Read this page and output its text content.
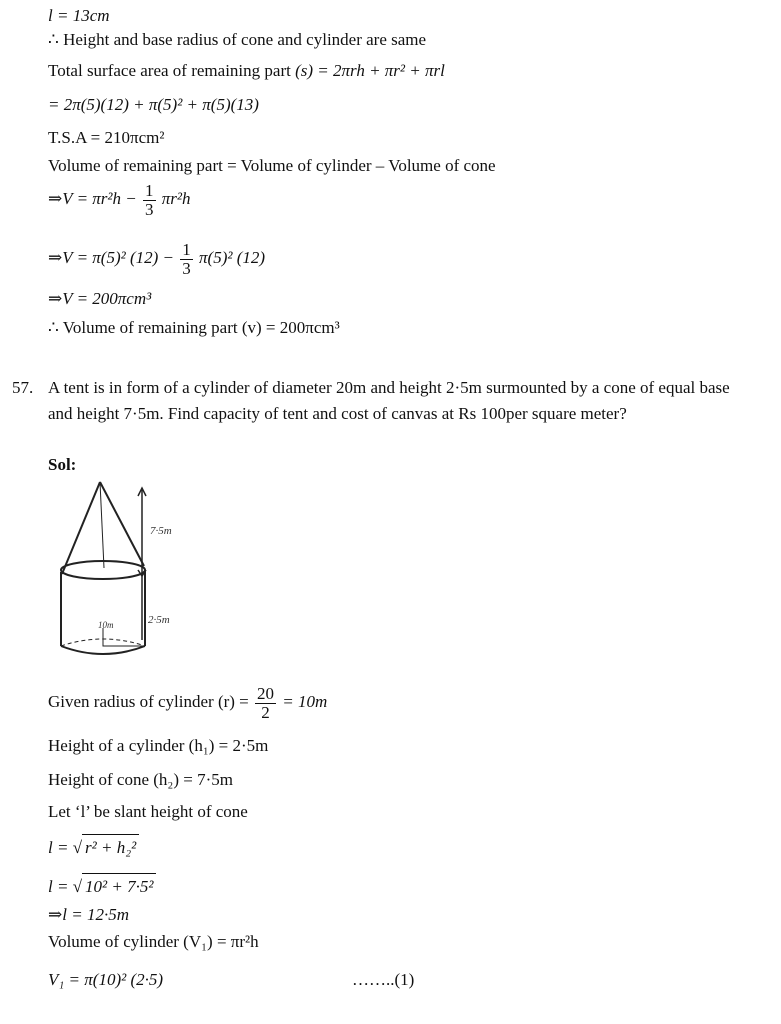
l = 13cm
∴ Height and base radius of cone and cylinder are same
Total surface area of remaining part (s) = 2πrh + πr² + πrl
= 2π(5)(12) + π(5)² + π(5)(13)
T.S.A = 210πcm²
Volume of remaining part = Volume of cylinder – Volume of cone
⇒V = $\pi r^2h - \frac{1}{3} \pi r^2h$
⇒V = π(5)² $(12) - \frac{1}{3} \pi(5)^2$ (12)
⇒V = 200πcm³
∴ Volume of remaining part (v) = 200πcm³
57. A tent is in form of a cylinder of diameter 20m and height 2·5m surmounted by a cone of equal base and height 7·5m. Find capacity of tent and cost of canvas at Rs 100per square meter?
Sol:
7·5m
2·5m
10m
Given radius of cylinder $(r) = \frac{20}{2} = 10m$
Height of a cylinder (h₁) = 2·5m
Height of cone (h₂) = 7·5m
Let ‘l’ be slant height of cone
l = √ r² + h₂²
l = √ 10² + 7·5²
⇒l = 12·5m
Volume of cylinder (V₁) = πr²h
V₁ = π(10)² (2·5)	……..(1)
